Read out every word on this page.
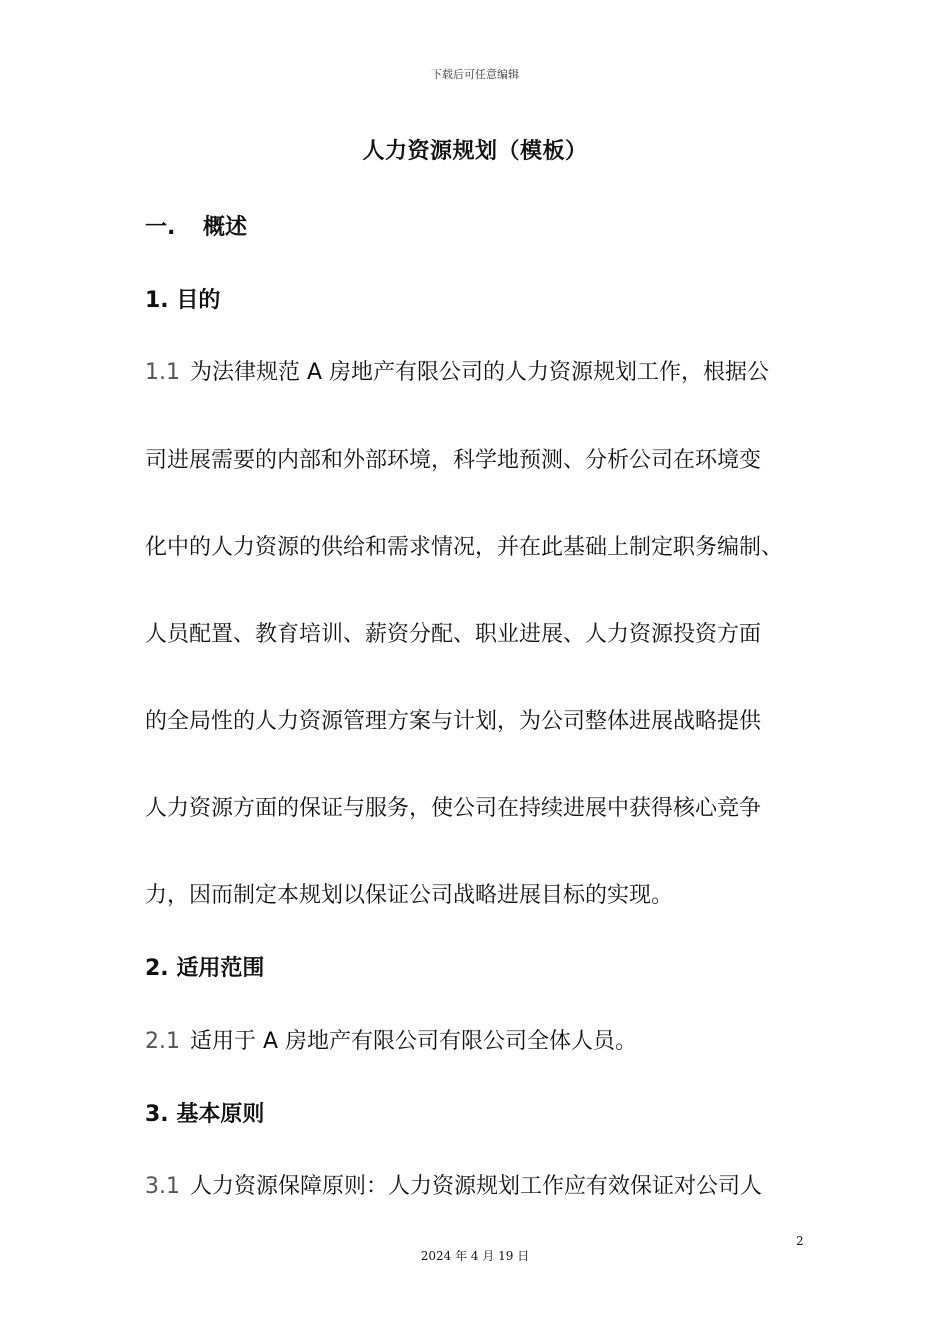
下载后可任意编辑
人力资源规划（模板）
一. 概述
1. 目的
1.1 为法律规范 A 房地产有限公司的人力资源规划工作，根据公
司进展需要的内部和外部环境，科学地预测、分析公司在环境变
化中的人力资源的供给和需求情况，并在此基础上制定职务编制、
人员配置、教育培训、薪资分配、职业进展、人力资源投资方面
的全局性的人力资源管理方案与计划，为公司整体进展战略提供
人力资源方面的保证与服务，使公司在持续进展中获得核心竞争
力，因而制定本规划以保证公司战略进展目标的实现。
2. 适用范围
2.1 适用于 A 房地产有限公司有限公司全体人员。
3. 基本原则
3.1 人力资源保障原则：人力资源规划工作应有效保证对公司人
2
2024 年 4 月 19 日
